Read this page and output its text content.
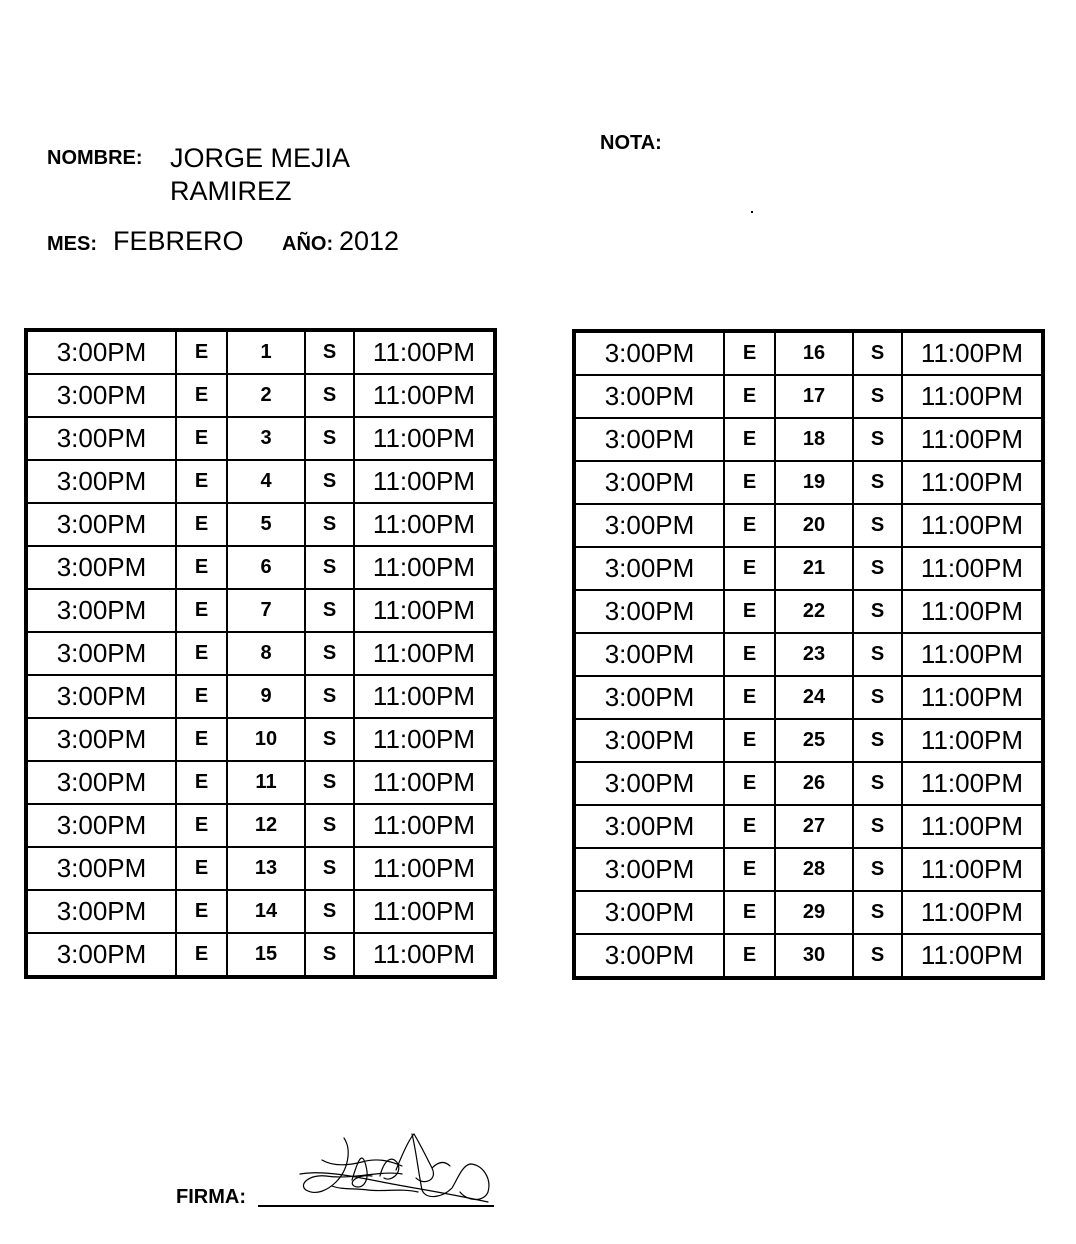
NOMBRE: JORGE MEJIA
RAMIREZ
MES: FEBRERO AÑO: 2012
NOTA:
3:00PM	E	1	S	11:00PM
3:00PM	E	2	S	11:00PM
3:00PM	E	3	S	11:00PM
3:00PM	E	4	S	11:00PM
3:00PM	E	5	S	11:00PM
3:00PM	E	6	S	11:00PM
3:00PM	E	7	S	11:00PM
3:00PM	E	8	S	11:00PM
3:00PM	E	9	S	11:00PM
3:00PM	E	10	S	11:00PM
3:00PM	E	11	S	11:00PM
3:00PM	E	12	S	11:00PM
3:00PM	E	13	S	11:00PM
3:00PM	E	14	S	11:00PM
3:00PM	E	15	S	11:00PM
3:00PM	E	16	S	11:00PM
3:00PM	E	17	S	11:00PM
3:00PM	E	18	S	11:00PM
3:00PM	E	19	S	11:00PM
3:00PM	E	20	S	11:00PM
3:00PM	E	21	S	11:00PM
3:00PM	E	22	S	11:00PM
3:00PM	E	23	S	11:00PM
3:00PM	E	24	S	11:00PM
3:00PM	E	25	S	11:00PM
3:00PM	E	26	S	11:00PM
3:00PM	E	27	S	11:00PM
3:00PM	E	28	S	11:00PM
3:00PM	E	29	S	11:00PM
3:00PM	E	30	S	11:00PM
FIRMA:
